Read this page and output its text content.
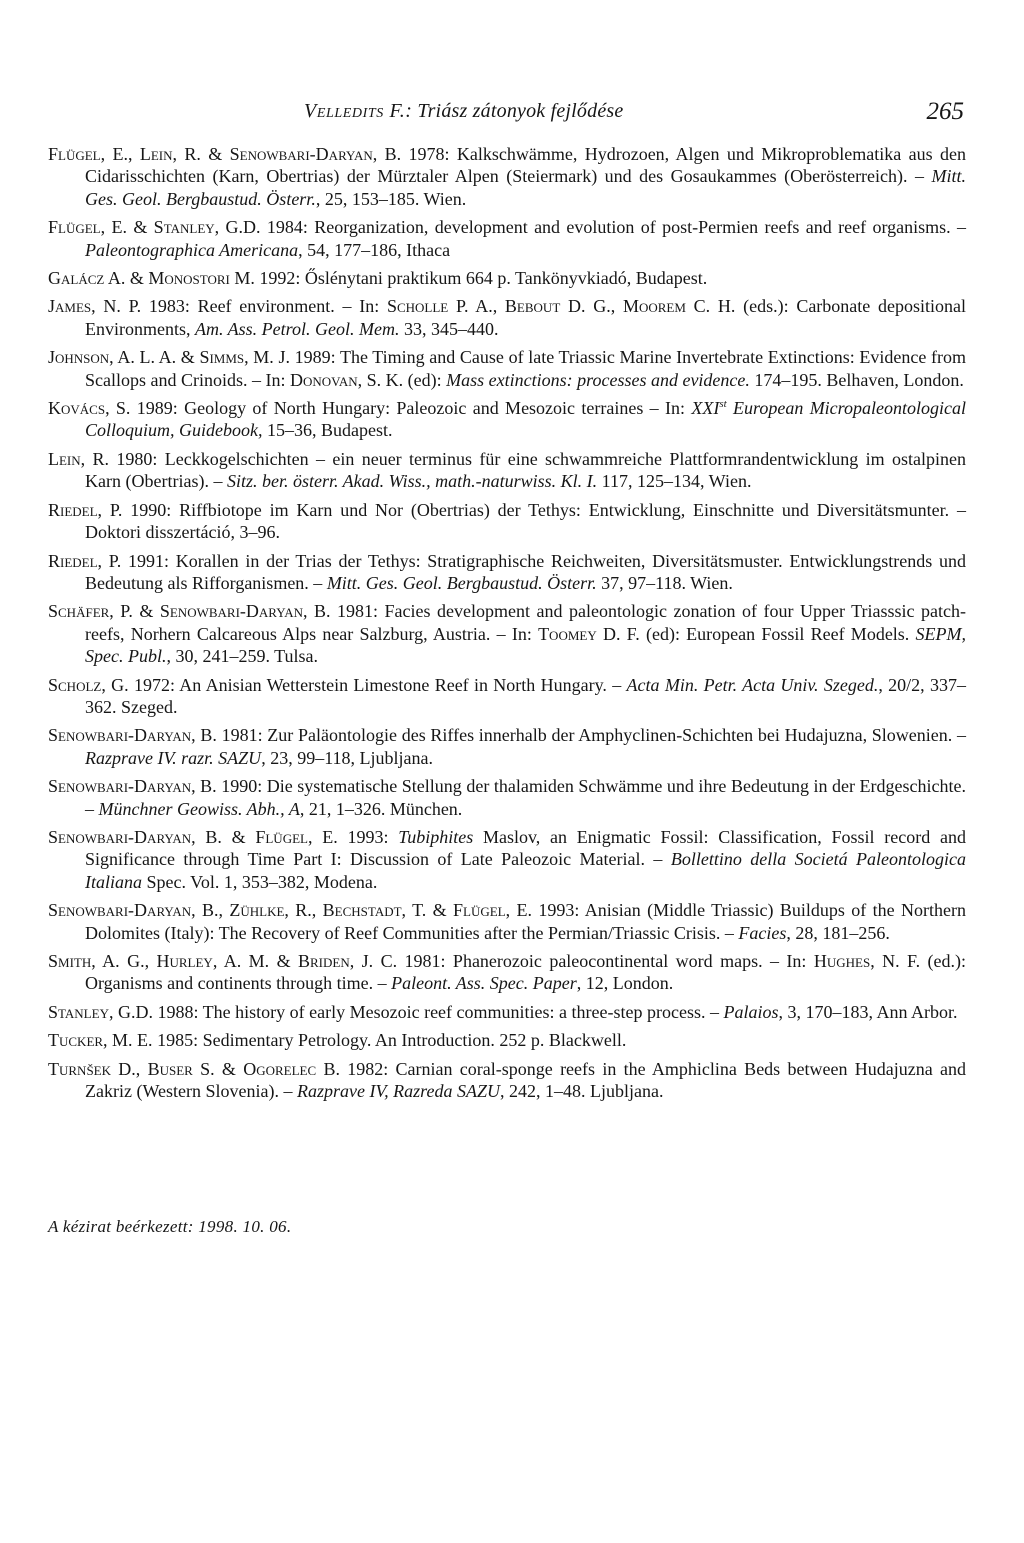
Velledits F.: Triász zátonyok fejlődése	265
Flügel, E., Lein, R. & Senowbari-Daryan, B. 1978: Kalkschwämme, Hydrozoen, Algen und Mikroproblematika aus den Cidarisschichten (Karn, Obertrias) der Mürztaler Alpen (Steiermark) und des Gosaukammes (Oberösterreich). – Mitt. Ges. Geol. Bergbaustud. Österr., 25, 153–185. Wien.
Flügel, E. & Stanley, G.D. 1984: Reorganization, development and evolution of post-Permien reefs and reef organisms. – Paleontographica Americana, 54, 177–186, Ithaca
Galácz A. & Monostori M. 1992: Őslénytani praktikum 664 p. Tankönyvkiadó, Budapest.
James, N. P. 1983: Reef environment. – In: Scholle P. A., Bebout D. G., Moorem C. H. (eds.): Carbonate depositional Environments, Am. Ass. Petrol. Geol. Mem. 33, 345–440.
Johnson, A. L. A. & Simms, M. J. 1989: The Timing and Cause of late Triassic Marine Invertebrate Extinctions: Evidence from Scallops and Crinoids. – In: Donovan, S. K. (ed): Mass extinctions: processes and evidence. 174–195. Belhaven, London.
Kovács, S. 1989: Geology of North Hungary: Paleozoic and Mesozoic terraines – In: XXIst European Micropaleontological Colloquium, Guidebook, 15–36, Budapest.
Lein, R. 1980: Leckkogelschichten – ein neuer terminus für eine schwammreiche Plattformrandentwicklung im ostalpinen Karn (Obertrias). – Sitz. ber. österr. Akad. Wiss., math.-naturwiss. Kl. I. 117, 125–134, Wien.
Riedel, P. 1990: Riffbiotope im Karn und Nor (Obertrias) der Tethys: Entwicklung, Einschnitte und Diversitätsmunter. – Doktori disszertáció, 3–96.
Riedel, P. 1991: Korallen in der Trias der Tethys: Stratigraphische Reichweiten, Diversitätsmuster. Entwicklungstrends und Bedeutung als Rifforganismen. – Mitt. Ges. Geol. Bergbaustud. Österr. 37, 97–118. Wien.
Schäfer, P. & Senowbari-Daryan, B. 1981: Facies development and paleontologic zonation of four Upper Triasssic patch-reefs, Norhern Calcareous Alps near Salzburg, Austria. – In: Toomey D. F. (ed): European Fossil Reef Models. SEPM, Spec. Publ., 30, 241–259. Tulsa.
Scholz, G. 1972: An Anisian Wetterstein Limestone Reef in North Hungary. – Acta Min. Petr. Acta Univ. Szeged., 20/2, 337–362. Szeged.
Senowbari-Daryan, B. 1981: Zur Paläontologie des Riffes innerhalb der Amphyclinen-Schichten bei Hudajuzna, Slowenien. – Razprave IV. razr. SAZU, 23, 99–118, Ljubljana.
Senowbari-Daryan, B. 1990: Die systematische Stellung der thalamiden Schwämme und ihre Bedeutung in der Erdgeschichte. – Münchner Geowiss. Abh., A, 21, 1–326. München.
Senowbari-Daryan, B. & Flügel, E. 1993: Tubiphites Maslov, an Enigmatic Fossil: Classification, Fossil record and Significance through Time Part I: Discussion of Late Paleozoic Material. – Bollettino della Societá Paleontologica Italiana Spec. Vol. 1, 353–382, Modena.
Senowbari-Daryan, B., Zühlke, R., Bechstadt, T. & Flügel, E. 1993: Anisian (Middle Triassic) Buildups of the Northern Dolomites (Italy): The Recovery of Reef Communities after the Permian/Triassic Crisis. – Facies, 28, 181–256.
Smith, A. G., Hurley, A. M. & Briden, J. C. 1981: Phanerozoic paleocontinental word maps. – In: Hughes, N. F. (ed.): Organisms and continents through time. – Paleont. Ass. Spec. Paper, 12, London.
Stanley, G.D. 1988: The history of early Mesozoic reef communities: a three-step process. – Palaios, 3, 170–183, Ann Arbor.
Tucker, M. E. 1985: Sedimentary Petrology. An Introduction. 252 p. Blackwell.
Turnšek D., Buser S. & Ogorelec B. 1982: Carnian coral-sponge reefs in the Amphiclina Beds between Hudajuzna and Zakriz (Western Slovenia). – Razprave IV, Razreda SAZU, 242, 1–48. Ljubljana.
A kézirat beérkezett: 1998. 10. 06.
